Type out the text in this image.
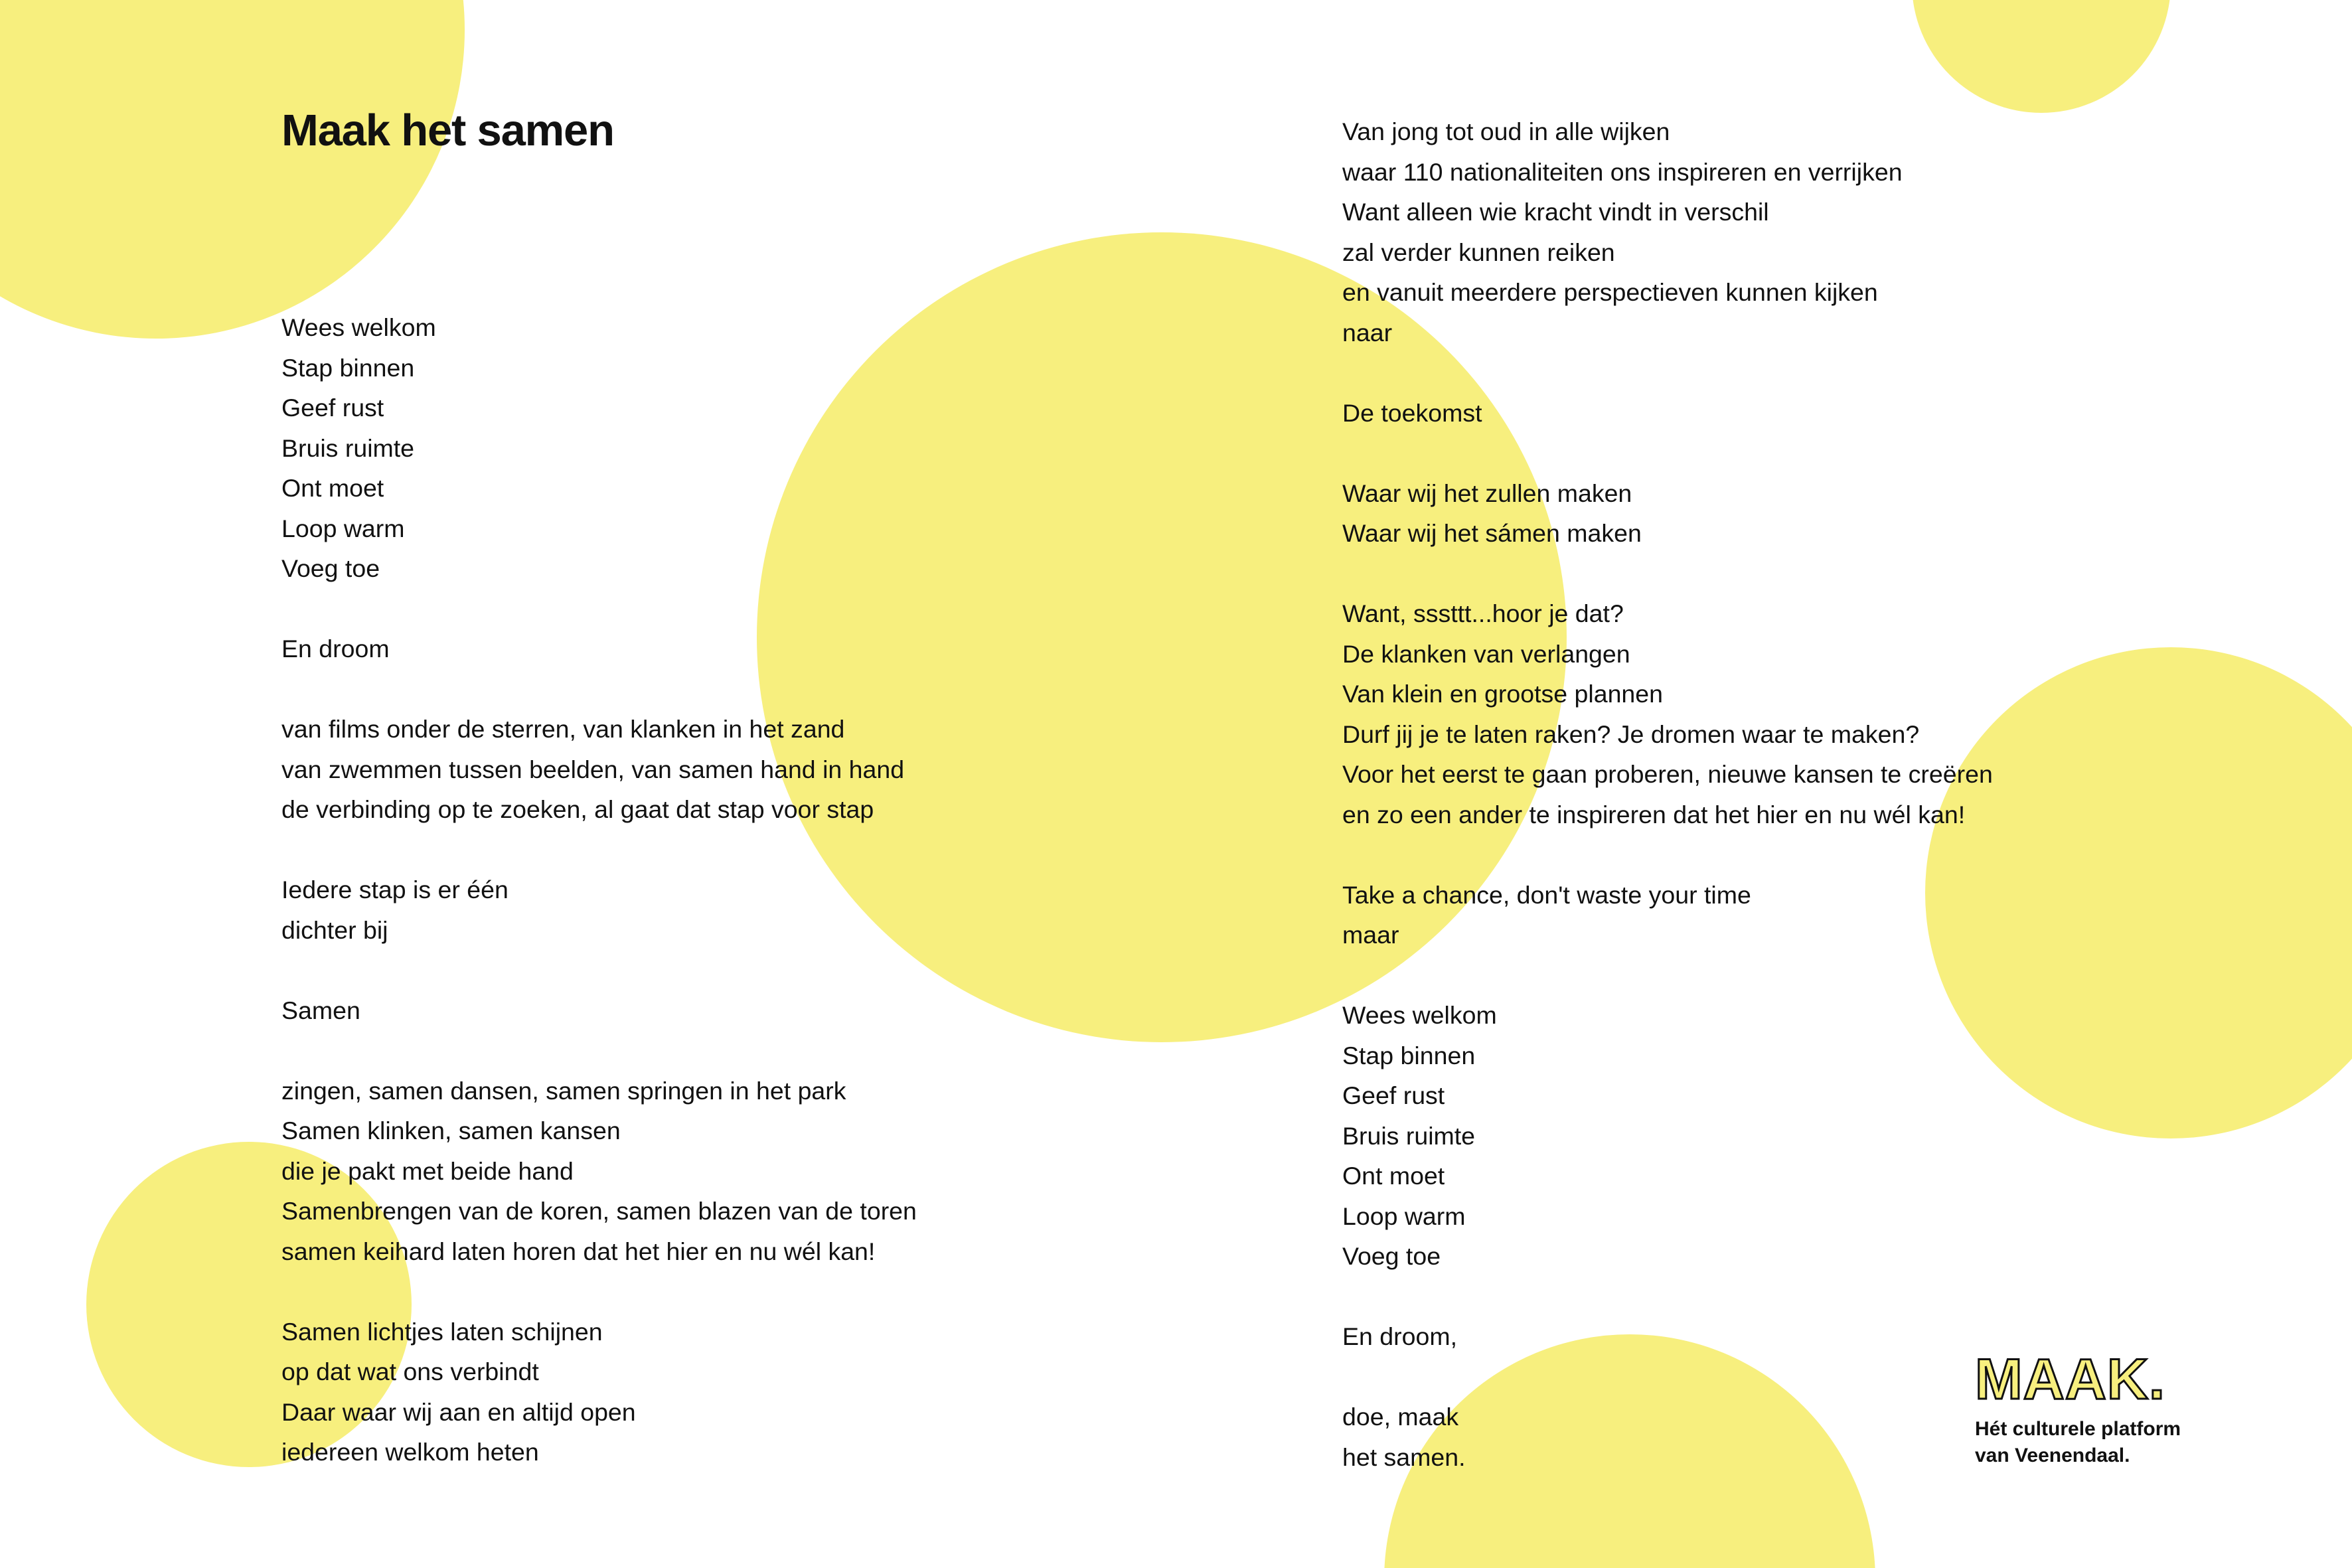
Maak het samen
Wees welkom
Stap binnen
Geef rust
Bruis ruimte
Ont moet
Loop warm
Voeg toe

En droom

van films onder de sterren, van klanken in het zand
van zwemmen tussen beelden, van samen hand in hand
de verbinding op te zoeken, al gaat dat stap voor stap

Iedere stap is er één
dichter bij

Samen

zingen, samen dansen, samen springen in het park
Samen klinken, samen kansen
die je pakt met beide hand
Samenbrengen van de koren, samen blazen van de toren
samen keihard laten horen dat het hier en nu wél kan!

Samen lichtjes laten schijnen
op dat wat ons verbindt
Daar waar wij aan en altijd open
iedereen welkom heten
Van jong tot oud in alle wijken
waar 110 nationaliteiten ons inspireren en verrijken
Want alleen wie kracht vindt in verschil
zal verder kunnen reiken
en vanuit meerdere perspectieven kunnen kijken
naar

De toekomst

Waar wij het zullen maken
Waar wij het sámen maken

Want, sssttt...hoor je dat?
De klanken van verlangen
Van klein en grootse plannen
Durf jij je te laten raken? Je dromen waar te maken?
Voor het eerst te gaan proberen, nieuwe kansen te creëren
en zo een ander te inspireren dat het hier en nu wél kan!

Take a chance, don't waste your time
maar

Wees welkom
Stap binnen
Geef rust
Bruis ruimte
Ont moet
Loop warm
Voeg toe

En droom,

doe, maak
het samen.
MAAK.
Hét culturele platform
van Veenendaal.
